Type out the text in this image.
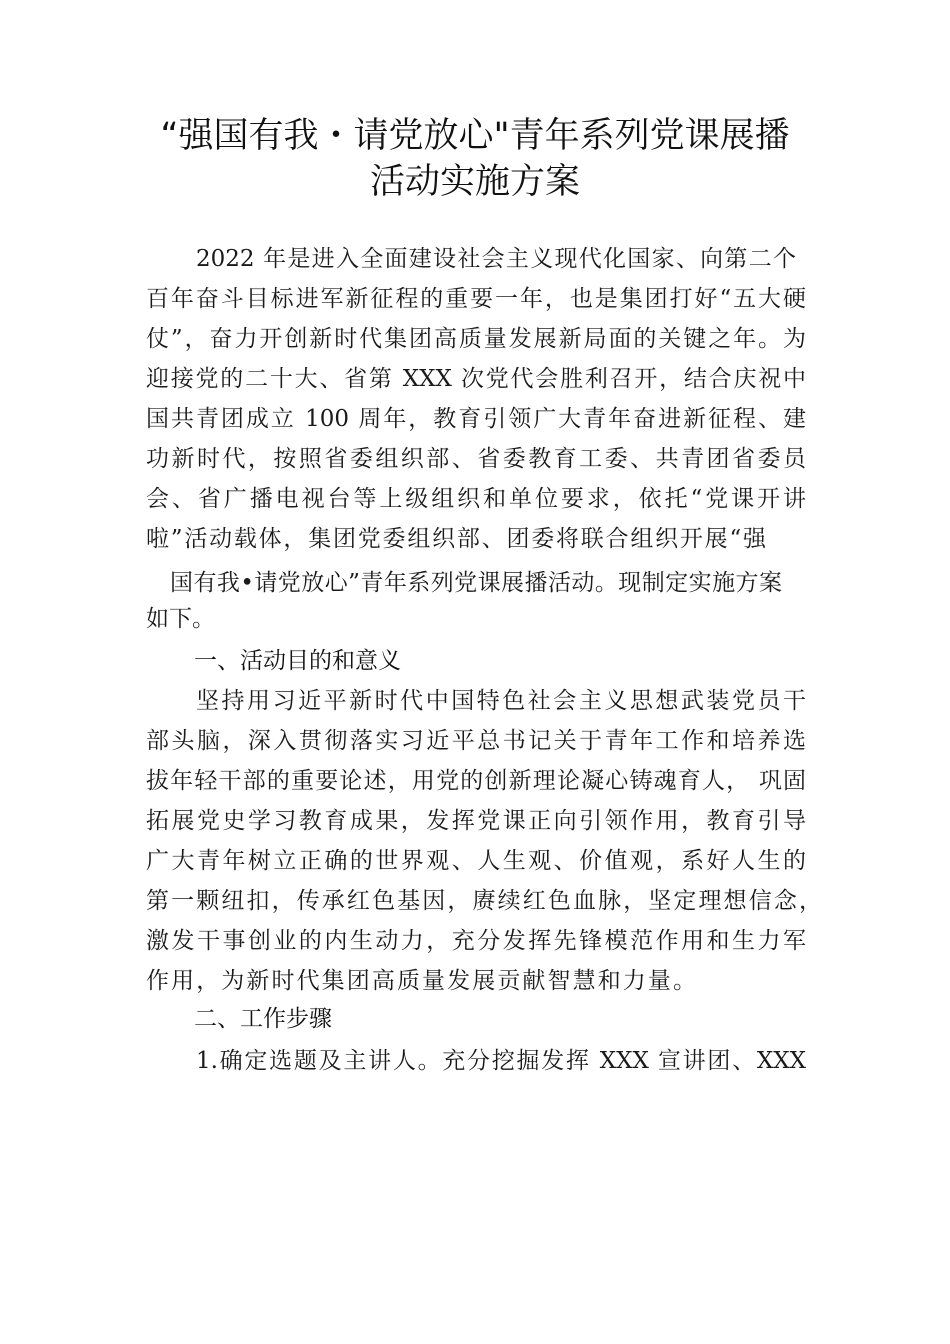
“强国有我・请党放心"青年系列党课展播
活动实施方案
2022 年是进入全面建设社会主义现代化国家、向第二个
百年奋斗目标进军新征程的重要一年，也是集团打好“五大硬
仗”，奋力开创新时代集团高质量发展新局面的关键之年。为
迎接党的二十大、省第 XXX 次党代会胜利召开，结合庆祝中
国共青团成立 100 周年，教育引领广大青年奋进新征程、建
功新时代，按照省委组织部、省委教育工委、共青团省委员
会、省广播电视台等上级组织和单位要求，依托“党课开讲
啦”活动载体，集团党委组织部、团委将联合组织开展“强
国有我•请党放心”青年系列党课展播活动。现制定实施方案
如下。
一、活动目的和意义
坚持用习近平新时代中国特色社会主义思想武装党员干
部头脑，深入贯彻落实习近平总书记关于青年工作和培养选
拔年轻干部的重要论述，用党的创新理论凝心铸魂育人， 巩固
拓展党史学习教育成果，发挥党课正向引领作用，教育引导
广大青年树立正确的世界观、人生观、价值观，系好人生的
第一颗纽扣，传承红色基因，赓续红色血脉，坚定理想信念，
激发干事创业的内生动力，充分发挥先锋模范作用和生力军
作用，为新时代集团高质量发展贡献智慧和力量。
二、工作步骤
1.确定选题及主讲人。充分挖掘发挥 XXX 宣讲团、XXX
